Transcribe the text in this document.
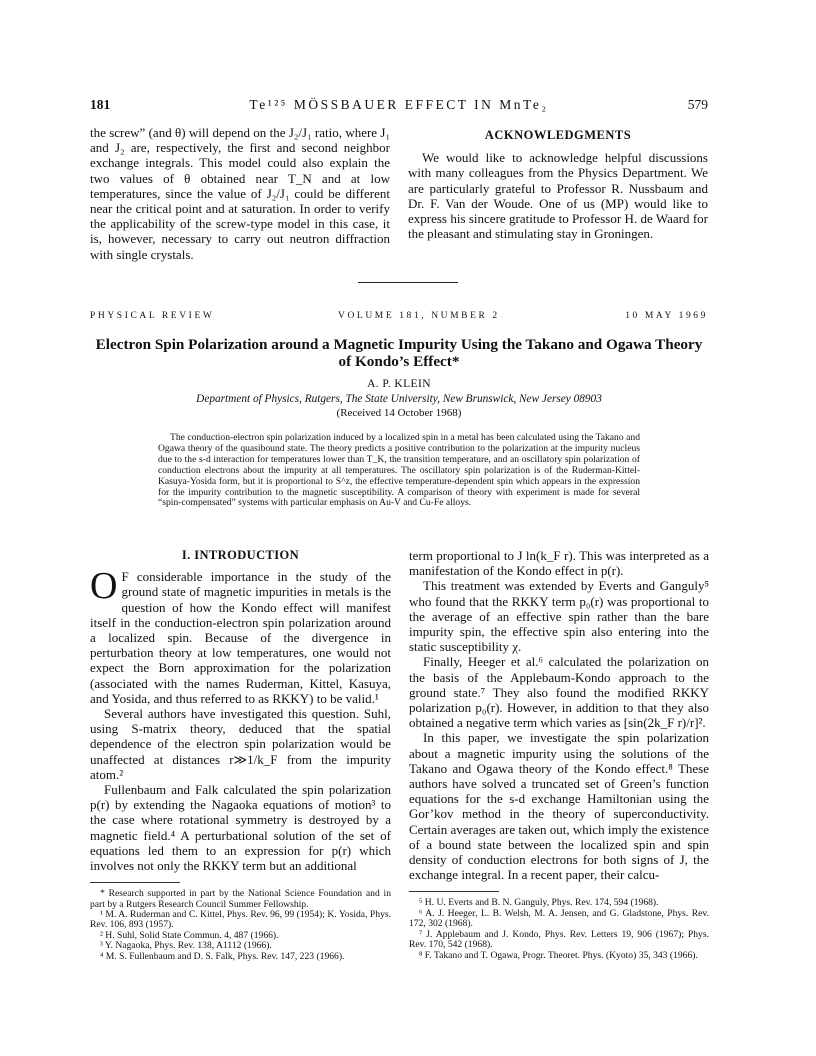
181	Te¹²⁵ MÖSSBAUER EFFECT IN MnTe₂	579

the screw” (and θ) will depend on the J₂/J₁ ratio, where J₁ and J₂ are, respectively, the first and second neighbor exchange integrals. This model could also explain the two values of θ obtained near T_N and at low temperatures, since the value of J₂/J₁ could be different near the critical point and at saturation. In order to verify the applicability of the screw-type model in this case, it is, however, necessary to carry out neutron diffraction with single crystals.

ACKNOWLEDGMENTS

We would like to acknowledge helpful discussions with many colleagues from the Physics Department. We are particularly grateful to Professor R. Nussbaum and Dr. F. Van der Woude. One of us (MP) would like to express his sincere gratitude to Professor H. de Waard for the pleasant and stimulating stay in Groningen.

PHYSICAL REVIEW	VOLUME 181, NUMBER 2	10 MAY 1969
Electron Spin Polarization around a Magnetic Impurity Using the Takano and Ogawa Theory of Kondo’s Effect*
A. P. KLEIN
Department of Physics, Rutgers, The State University, New Brunswick, New Jersey 08903
(Received 14 October 1968)

The conduction-electron spin polarization induced by a localized spin in a metal has been calculated using the Takano and Ogawa theory of the quasibound state. The theory predicts a positive contribution to the polarization at the impurity nucleus due to the s-d interaction for temperatures lower than T_K, the transition temperature, and an oscillatory spin polarization of conduction electrons about the impurity at all temperatures. The oscillatory spin polarization is of the Ruderman-Kittel-Kasuya-Yosida form, but it is proportional to S^z, the effective temperature-dependent spin which appears in the expression for the impurity contribution to the magnetic susceptibility. A comparison of theory with experiment is made for several “spin-compensated” systems with particular emphasis on Au-V and Cu-Fe alloys.

I. INTRODUCTION

O F considerable importance in the study of the ground state of magnetic impurities in metals is the question of how the Kondo effect will manifest itself in the conduction-electron spin polarization around a localized spin. Because of the divergence in perturbation theory at low temperatures, one would not expect the Born approximation for the polarization (associated with the names Ruderman, Kittel, Kasuya, and Yosida, and thus referred to as RKKY) to be valid.¹

Several authors have investigated this question. Suhl, using S-matrix theory, deduced that the spatial dependence of the electron spin polarization would be unaffected at distances r≫1/k_F from the impurity atom.²

Fullenbaum and Falk calculated the spin polarization p(r) by extending the Nagaoka equations of motion³ to the case where rotational symmetry is destroyed by a magnetic field.⁴ A perturbational solution of the set of equations led them to an expression for p(r) which involves not only the RKKY term but an additional

* Research supported in part by the National Science Foundation and in part by a Rutgers Research Council Summer Fellowship.

¹ M. A. Ruderman and C. Kittel, Phys. Rev. 96, 99 (1954); K. Yosida, Phys. Rev. 106, 893 (1957).

² H. Suhl, Solid State Commun. 4, 487 (1966).

³ Y. Nagaoka, Phys. Rev. 138, A1112 (1966).

⁴ M. S. Fullenbaum and D. S. Falk, Phys. Rev. 147, 223 (1966).

term proportional to J ln(k_F r). This was interpreted as a manifestation of the Kondo effect in p(r).

This treatment was extended by Everts and Ganguly⁵ who found that the RKKY term p₀(r) was proportional to the average of an effective spin rather than the bare impurity spin, the effective spin also entering into the static susceptibility χ.

Finally, Heeger et al.⁶ calculated the polarization on the basis of the Applebaum-Kondo approach to the ground state.⁷ They also found the modified RKKY polarization p₀(r). However, in addition to that they also obtained a negative term which varies as [sin(2k_F r)/r]².

In this paper, we investigate the spin polarization about a magnetic impurity using the solutions of the Takano and Ogawa theory of the Kondo effect.⁸ These authors have solved a truncated set of Green’s function equations for the s-d exchange Hamiltonian using the Gor’kov method in the theory of superconductivity. Certain averages are taken out, which imply the existence of a bound state between the localized spin and spin density of conduction electrons for both signs of J, the exchange integral. In a recent paper, their calcu-

⁵ H. U. Everts and B. N. Ganguly, Phys. Rev. 174, 594 (1968).

⁶ A. J. Heeger, L. B. Welsh, M. A. Jensen, and G. Gladstone, Phys. Rev. 172, 302 (1968).

⁷ J. Applebaum and J. Kondo, Phys. Rev. Letters 19, 906 (1967); Phys. Rev. 170, 542 (1968).

⁸ F. Takano and T. Ogawa, Progr. Theoret. Phys. (Kyoto) 35, 343 (1966).
